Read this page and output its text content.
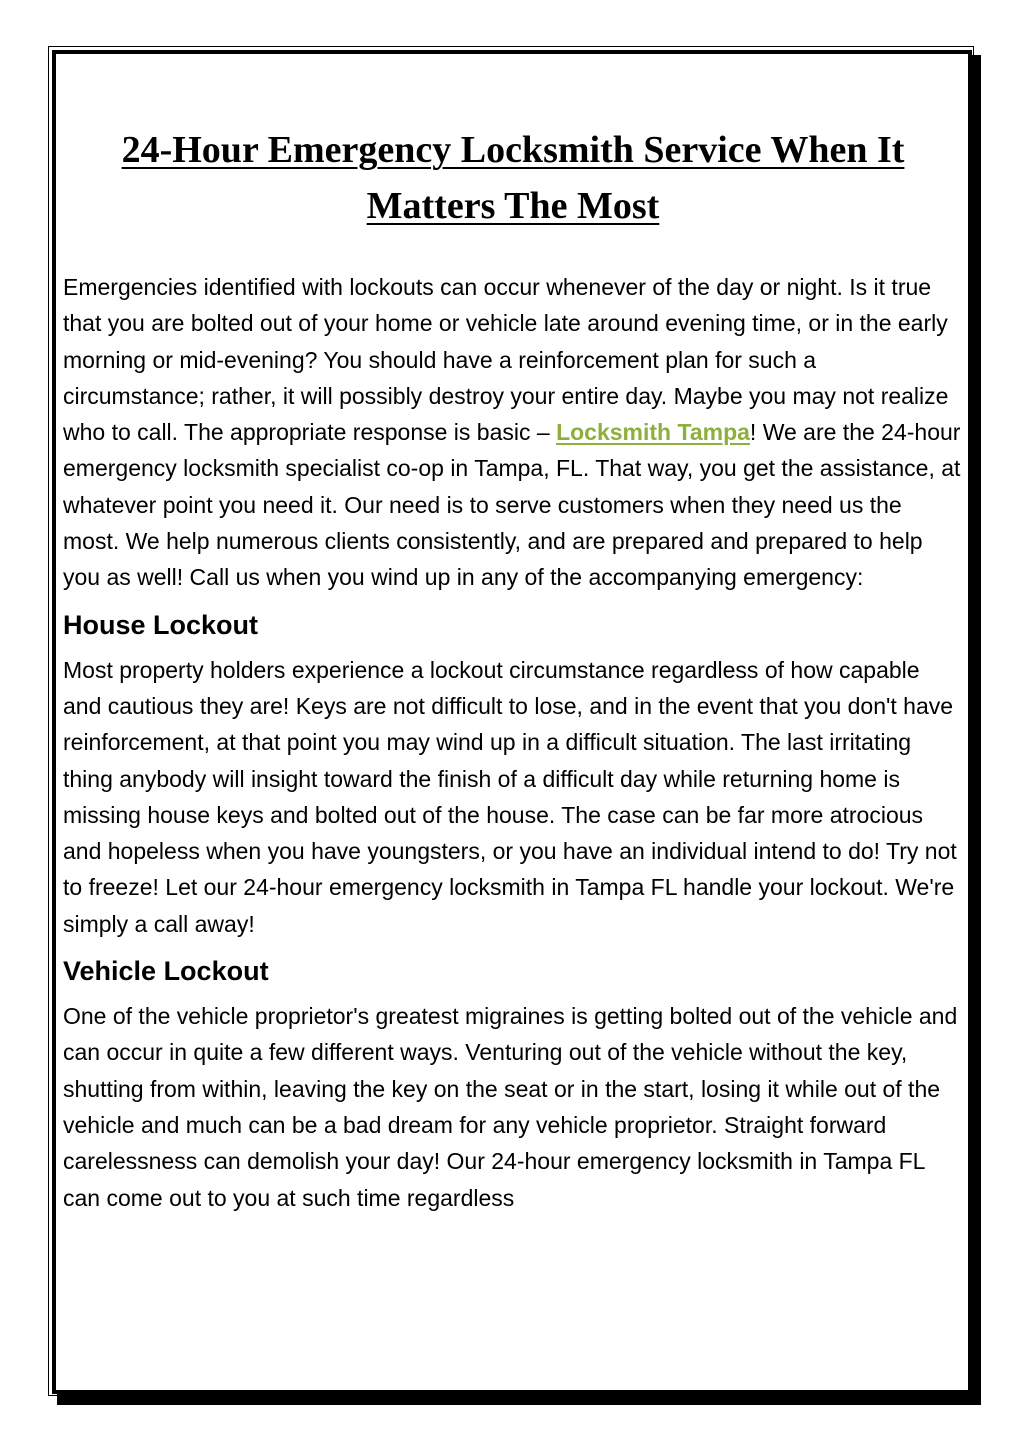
24-Hour Emergency Locksmith Service When It Matters The Most

Emergencies identified with lockouts can occur whenever of the day or night. Is it true that you are bolted out of your home or vehicle late around evening time, or in the early morning or mid-evening? You should have a reinforcement plan for such a circumstance; rather, it will possibly destroy your entire day. Maybe you may not realize who to call. The appropriate response is basic – Locksmith Tampa! We are the 24-hour emergency locksmith specialist co-op in Tampa, FL. That way, you get the assistance, at whatever point you need it. Our need is to serve customers when they need us the most. We help numerous clients consistently, and are prepared and prepared to help you as well! Call us when you wind up in any of the accompanying emergency:

House Lockout

Most property holders experience a lockout circumstance regardless of how capable and cautious they are! Keys are not difficult to lose, and in the event that you don't have reinforcement, at that point you may wind up in a difficult situation. The last irritating thing anybody will insight toward the finish of a difficult day while returning home is missing house keys and bolted out of the house. The case can be far more atrocious and hopeless when you have youngsters, or you have an individual intend to do! Try not to freeze! Let our 24-hour emergency locksmith in Tampa FL handle your lockout. We're simply a call away!

Vehicle Lockout

One of the vehicle proprietor's greatest migraines is getting bolted out of the vehicle and can occur in quite a few different ways. Venturing out of the vehicle without the key, shutting from within, leaving the key on the seat or in the start, losing it while out of the vehicle and much can be a bad dream for any vehicle proprietor. Straight forward carelessness can demolish your day! Our 24-hour emergency locksmith in Tampa FL can come out to you at such time regardless
